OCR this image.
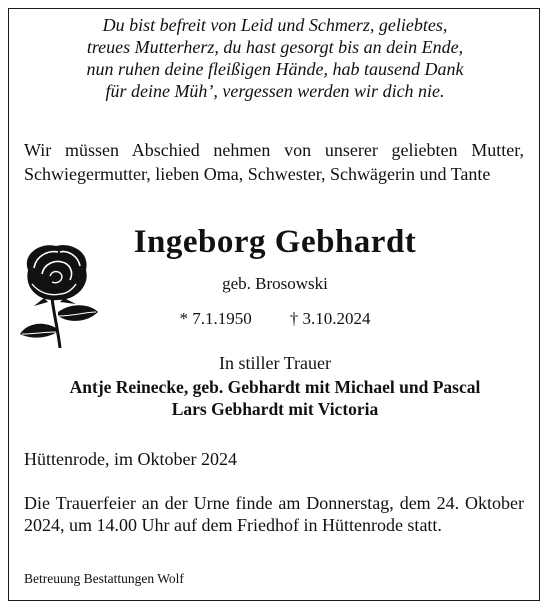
Du bist befreit von Leid und Schmerz, geliebtes,
treues Mutterherz, du hast gesorgt bis an dein Ende,
nun ruhen deine fleißigen Hände, hab tausend Dank
für deine Müh’, vergessen werden wir dich nie.
Wir müssen Abschied nehmen von unserer geliebten Mutter, Schwiegermutter, lieben Oma, Schwester, Schwägerin und Tante
Ingeborg Gebhardt
geb. Brosowski
* 7.1.1950 † 3.10.2024
In stiller Trauer
Antje Reinecke, geb. Gebhardt mit Michael und Pascal
Lars Gebhardt mit Victoria
Hüttenrode, im Oktober 2024
Die Trauerfeier an der Urne finde am Donnerstag, dem 24. Oktober 2024, um 14.00 Uhr auf dem Friedhof in Hüttenrode statt.
Betreuung Bestattungen Wolf
